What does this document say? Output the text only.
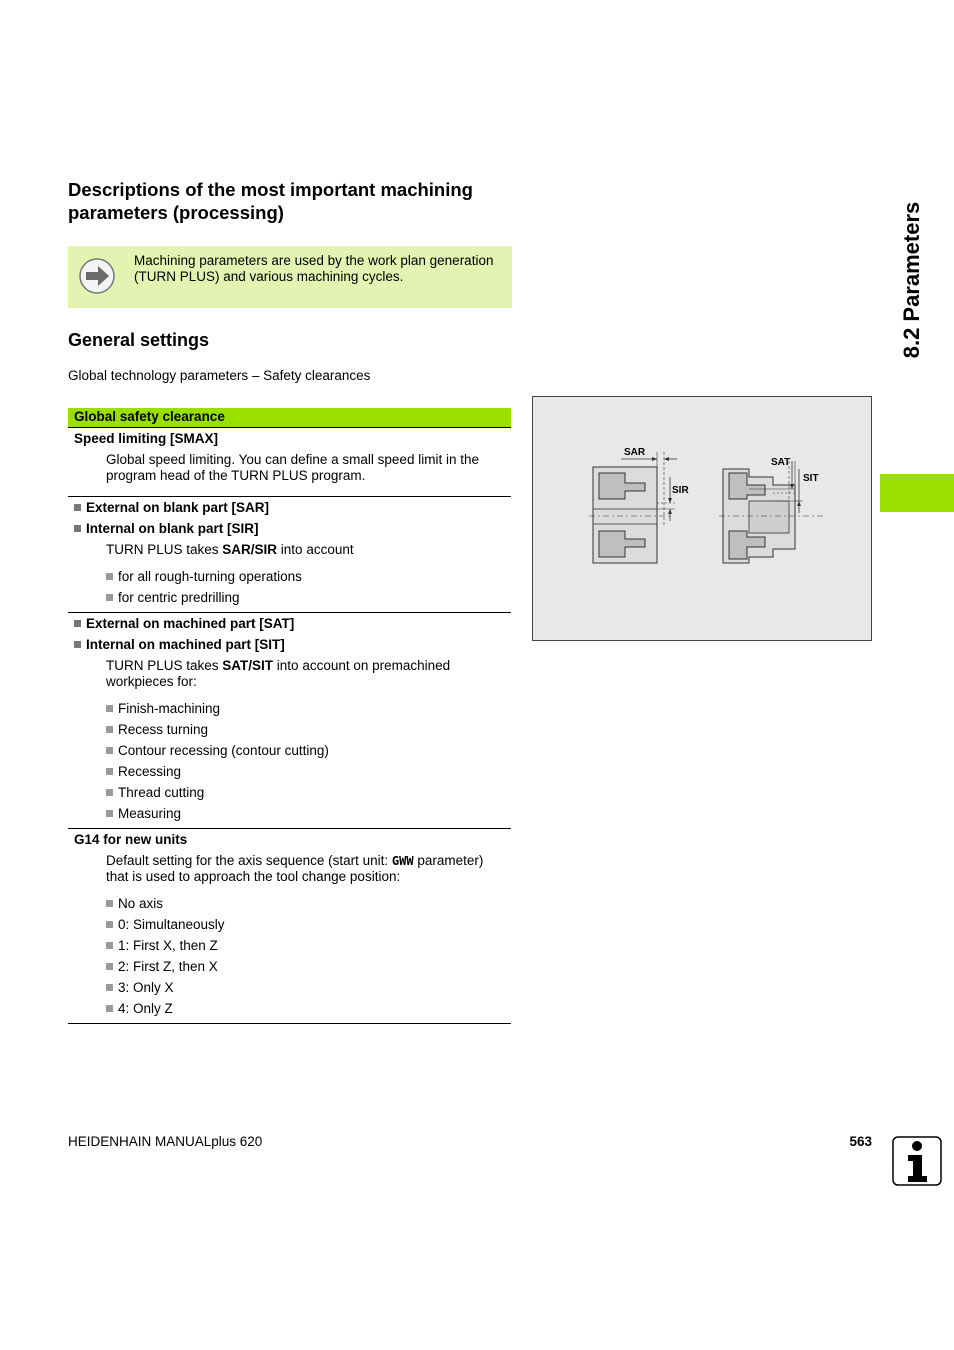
Descriptions of the most important machining parameters (processing)
Machining parameters are used by the work plan generation (TURN PLUS) and various machining cycles.
General settings
Global technology parameters – Safety clearances
Global safety clearance
Speed limiting [SMAX]
Global speed limiting. You can define a small speed limit in the program head of the TURN PLUS program.
External on blank part [SAR]
Internal on blank part [SIR]
TURN PLUS takes SAR/SIR into account
for all rough-turning operations
for centric predrilling
External on machined part [SAT]
Internal on machined part [SIT]
TURN PLUS takes SAT/SIT into account on premachined workpieces for:
Finish-machining
Recess turning
Contour recessing (contour cutting)
Recessing
Thread cutting
Measuring
G14 for new units
Default setting for the axis sequence (start unit: GWW parameter) that is used to approach the tool change position:
No axis
0: Simultaneously
1: First X, then Z
2: First Z, then X
3: Only X
4: Only Z
SAR
SIR
SAT
SIT
8.2 Parameters
HEIDENHAIN MANUALplus 620	563
